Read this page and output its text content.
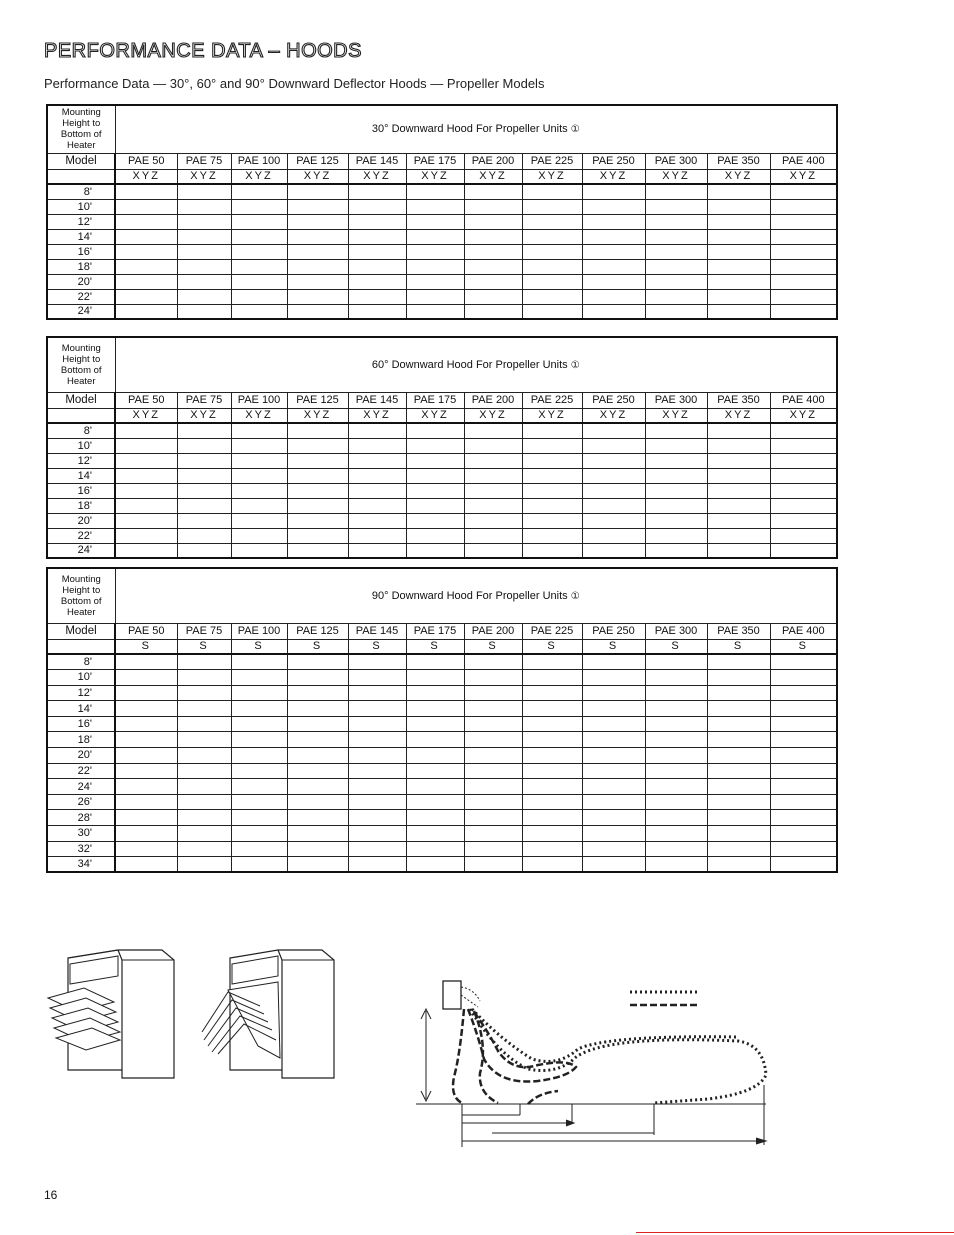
PERFORMANCE DATA – HOODS
Performance Data — 30°, 60° and 90° Downward Deflector Hoods — Propeller Models
Mounting Height to Bottom of Heater	30° Downward Hood For Propeller Units ①											
Model	PAE 50	PAE 75	PAE 100	PAE 125	PAE 145	PAE 175	PAE 200	PAE 225	PAE 250	PAE 300	PAE 350	PAE 400
	XYZ	XYZ	XYZ	XYZ	XYZ	XYZ	XYZ	XYZ	XYZ	XYZ	XYZ	XYZ
8'												
10'												
12'												
14'												
16'												
18'												
20'												
22'												
24'												
Mounting Height to Bottom of Heater	60° Downward Hood For Propeller Units ①											
Model	PAE 50	PAE 75	PAE 100	PAE 125	PAE 145	PAE 175	PAE 200	PAE 225	PAE 250	PAE 300	PAE 350	PAE 400
	XYZ	XYZ	XYZ	XYZ	XYZ	XYZ	XYZ	XYZ	XYZ	XYZ	XYZ	XYZ
8'												
10'												
12'												
14'												
16'												
18'												
20'												
22'												
24'												
Mounting Height to Bottom of Heater	90° Downward Hood For Propeller Units ①											
Model	PAE 50	PAE 75	PAE 100	PAE 125	PAE 145	PAE 175	PAE 200	PAE 225	PAE 250	PAE 300	PAE 350	PAE 400
	S	S	S	S	S	S	S	S	S	S	S	S
8'												
10'												
12'												
14'												
16'												
18'												
20'												
22'												
24'												
26'												
28'												
30'												
32'												
34'												
16
